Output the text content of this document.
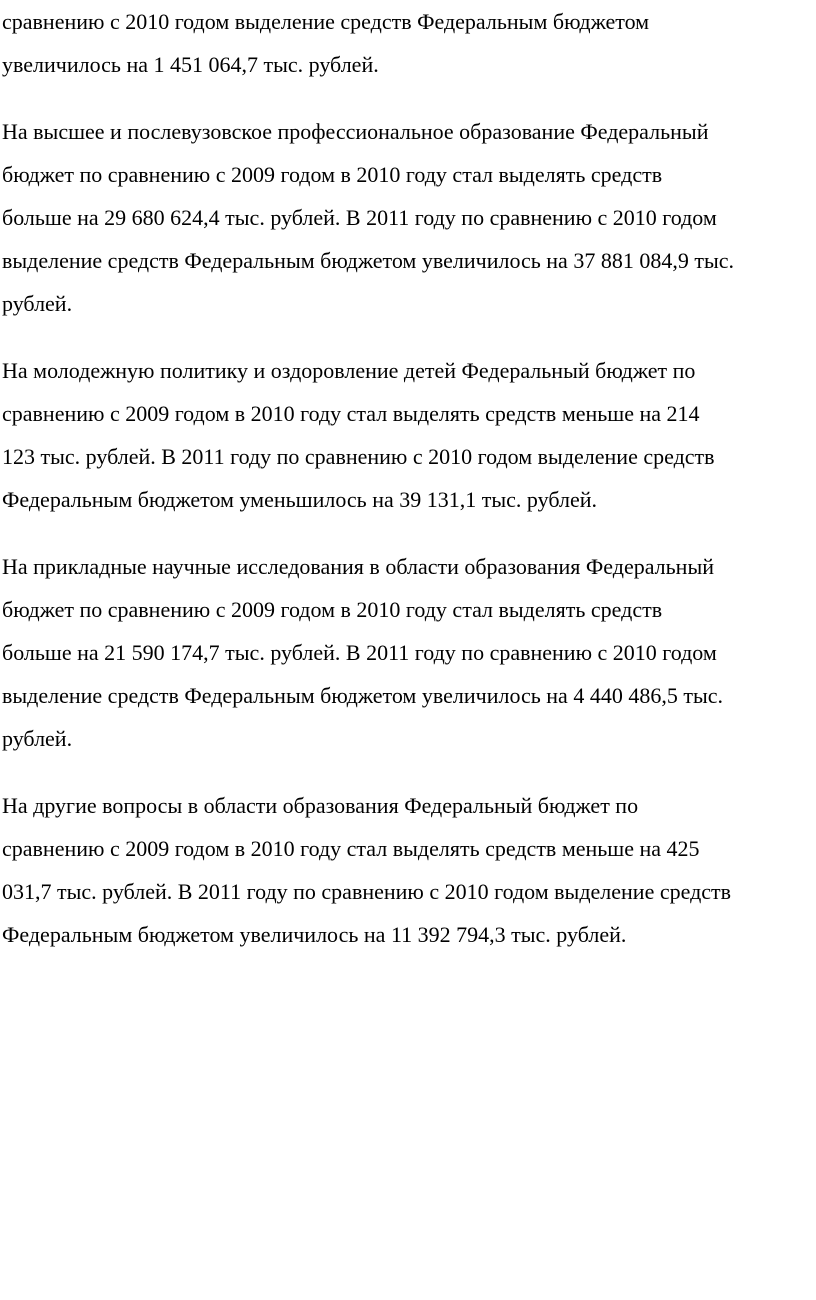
сравнению с 2010 годом выделение средств Федеральным бюджетом
увеличилось на 1 451 064,7 тыс. рублей.

На высшее и послевузовское профессиональное образование Федеральный
бюджет по сравнению с 2009 годом в 2010 году стал выделять средств
больше на 29 680 624,4 тыс. рублей. В 2011 году по сравнению с 2010 годом
выделение средств Федеральным бюджетом увеличилось на 37 881 084,9 тыс.
рублей.

На молодежную политику и оздоровление детей Федеральный бюджет по
сравнению с 2009 годом в 2010 году стал выделять средств меньше на 214
123 тыс. рублей. В 2011 году по сравнению с 2010 годом выделение средств
Федеральным бюджетом уменьшилось на 39 131,1 тыс. рублей.

На прикладные научные исследования в области образования Федеральный
бюджет по сравнению с 2009 годом в 2010 году стал выделять средств
больше на 21 590 174,7 тыс. рублей. В 2011 году по сравнению с 2010 годом
выделение средств Федеральным бюджетом увеличилось на 4 440 486,5 тыс.
рублей.

На другие вопросы в области образования Федеральный бюджет по
сравнению с 2009 годом в 2010 году стал выделять средств меньше на 425
031,7 тыс. рублей. В 2011 году по сравнению с 2010 годом выделение средств
Федеральным бюджетом увеличилось на 11 392 794,3 тыс. рублей.
